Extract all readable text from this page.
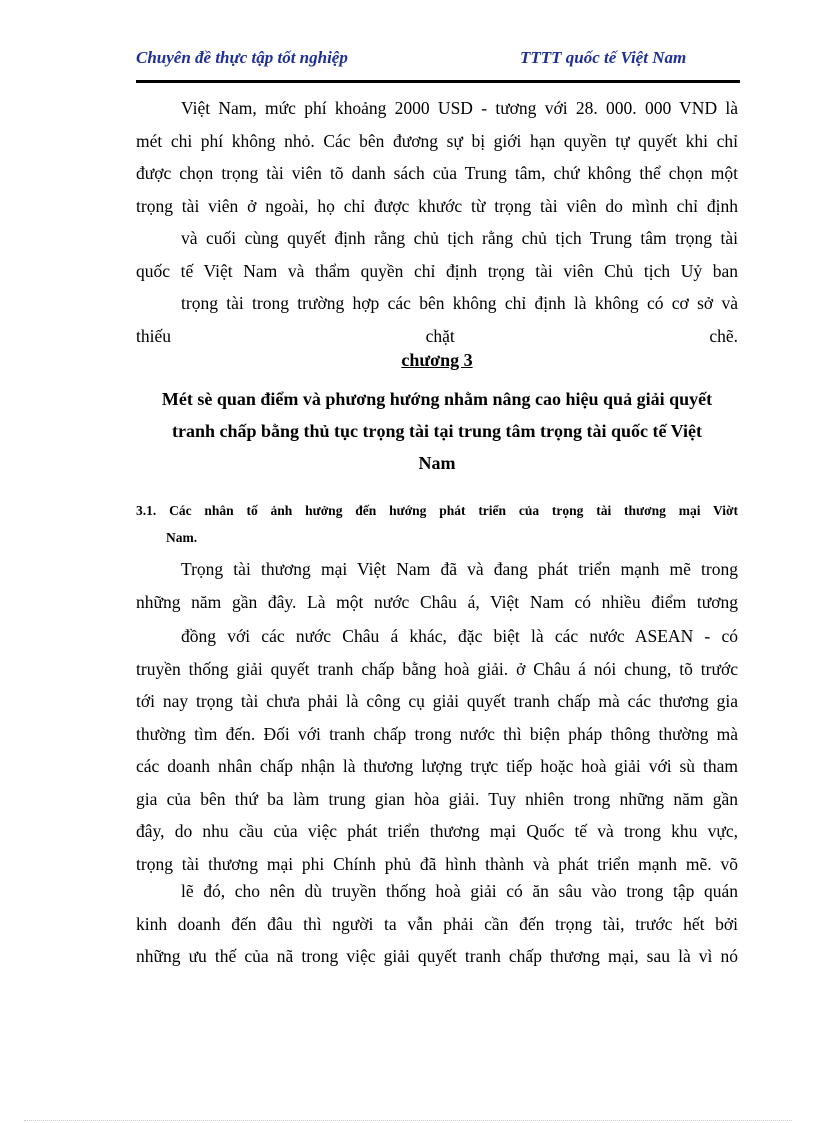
Chuyên đề thực tập tốt nghiệp	TTTT quốc tế Việt Nam
Việt Nam, mức phí khoảng 2000 USD - tương với 28. 000. 000 VND là
mét chi phí không nhỏ. Các bên đương sự bị giới hạn quyền tự quyết khi chỉ
được chọn trọng tài viên tõ danh sách của Trung tâm, chứ không thể chọn một
trọng tài viên ở ngoài, họ chỉ được khước từ trọng tài viên do mình chỉ định
và cuối cùng quyết định rằng chủ tịch rằng chủ tịch Trung tâm trọng tài
quốc tế Việt Nam và thẩm quyền chỉ định trọng tài viên Chủ tịch Uỷ ban
trọng tài trong trường hợp các bên không chỉ định là không có cơ sở và
thiếu chặt chẽ.
chương 3
Mét sè quan điểm và phương hướng nhằm nâng cao hiệu quả giải quyết
tranh chấp bằng thủ tục trọng tài tại trung tâm trọng tài quốc tế Việt
Nam
3.1. Các nhân tố ảnh hưởng đến hướng phát triển của trọng tài thương mại Viờt
Nam.
Trọng tài thương mại Việt Nam đã và đang phát triển mạnh mẽ trong
những năm gần đây. Là một nước Châu á, Việt Nam có nhiều điểm tương
đồng với các nước Châu á khác, đặc biệt là các nước ASEAN - có
truyền thống giải quyết tranh chấp bằng hoà giải. ở Châu á nói chung, tõ trước
tới nay trọng tài chưa phải là công cụ giải quyết tranh chấp mà các thương gia
thường tìm đến. Đối với tranh chấp trong nước thì biện pháp thông thường mà
các doanh nhân chấp nhận là thương lượng trực tiếp hoặc hoà giải với sù tham
gia của bên thứ ba làm trung gian hòa giải. Tuy nhiên trong những năm gần
đây, do nhu cầu của việc phát triển thương mại Quốc tế và trong khu vực,
trọng tài thương mại phi Chính phủ đã hình thành và phát triển mạnh mẽ. võ
lẽ đó, cho nên dù truyền thống hoà giải có ăn sâu vào trong tập quán
kinh doanh đến đâu thì người ta vẫn phải cần đến trọng tài, trước hết bởi
những ưu thế của nã trong việc giải quyết tranh chấp thương mại, sau là vì nó
